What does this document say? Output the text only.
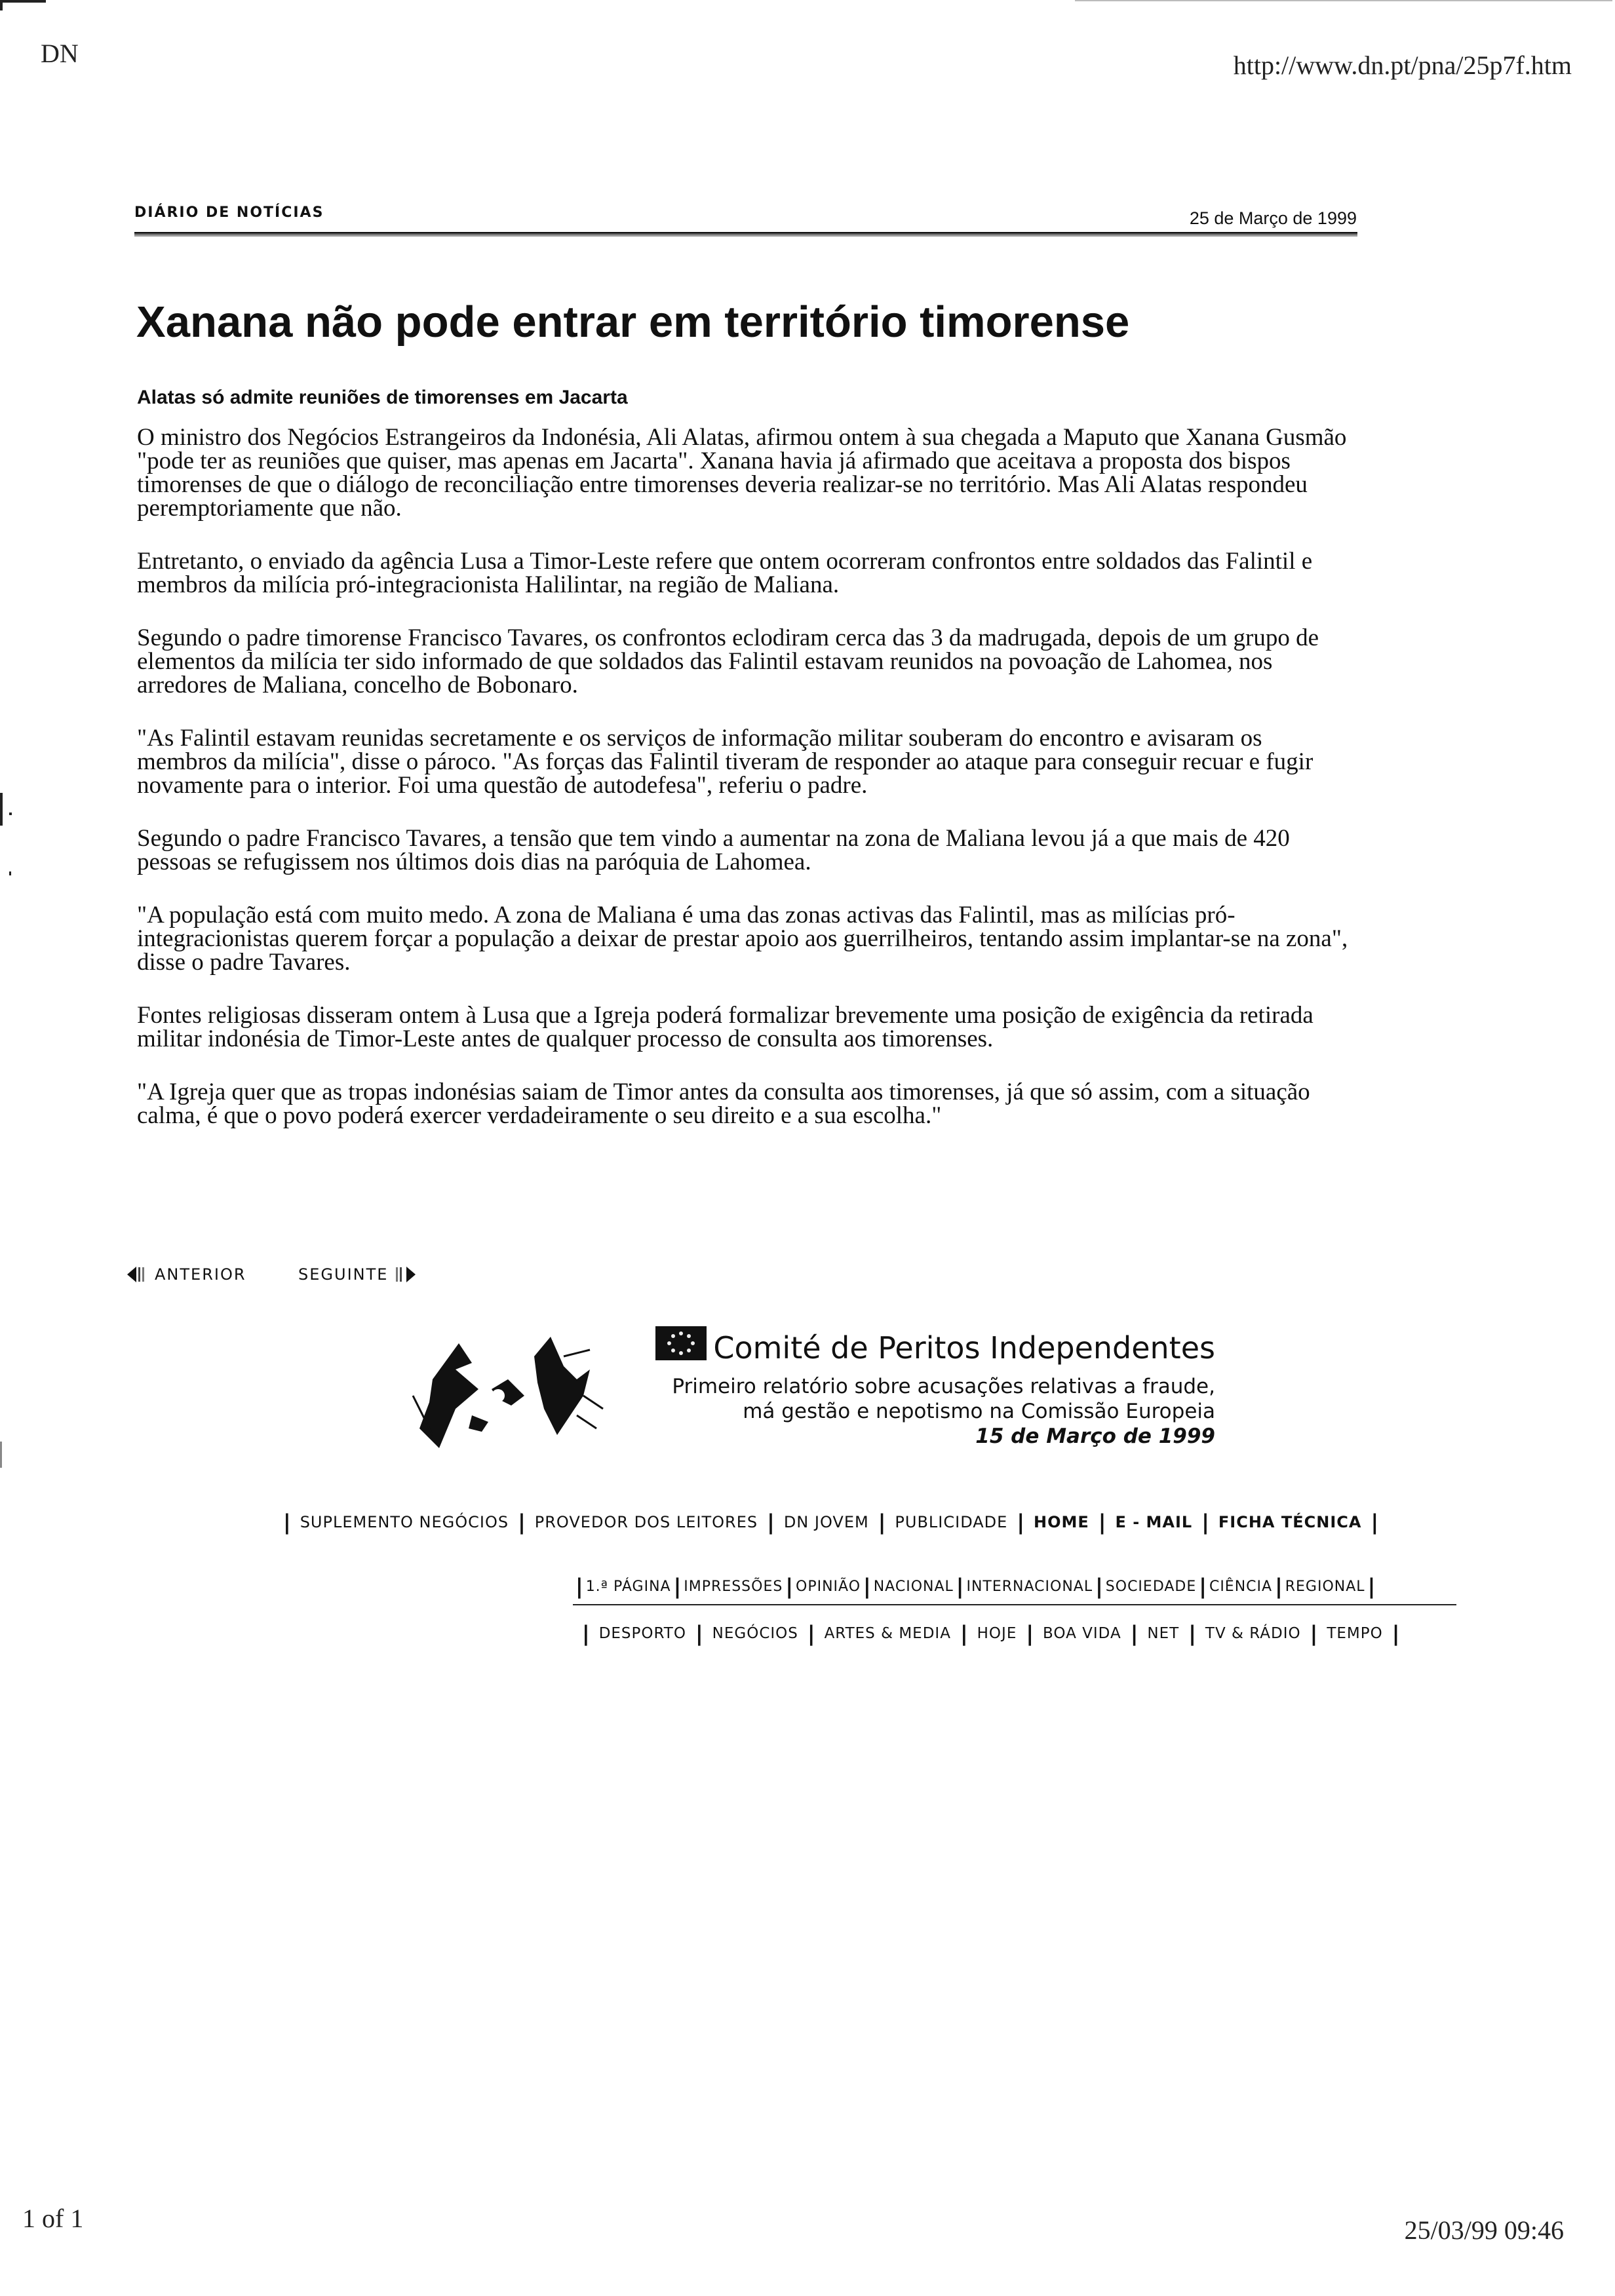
DN	http://www.dn.pt/pna/25p7f.htm
DIÁRIO DE NOTÍCIAS	25 de Março de 1999
Xanana não pode entrar em território timorense
Alatas só admite reuniões de timorenses em Jacarta

O ministro dos Negócios Estrangeiros da Indonésia, Ali Alatas, afirmou ontem à sua chegada a Maputo que Xanana Gusmão "pode ter as reuniões que quiser, mas apenas em Jacarta". Xanana havia já afirmado que aceitava a proposta dos bispos timorenses de que o diálogo de reconciliação entre timorenses deveria realizar-se no território. Mas Ali Alatas respondeu peremptoriamente que não.

Entretanto, o enviado da agência Lusa a Timor-Leste refere que ontem ocorreram confrontos entre soldados das Falintil e membros da milícia pró-integracionista Halilintar, na região de Maliana.

Segundo o padre timorense Francisco Tavares, os confrontos eclodiram cerca das 3 da madrugada, depois de um grupo de elementos da milícia ter sido informado de que soldados das Falintil estavam reunidos na povoação de Lahomea, nos arredores de Maliana, concelho de Bobonaro.

"As Falintil estavam reunidas secretamente e os serviços de informação militar souberam do encontro e avisaram os membros da milícia", disse o pároco. "As forças das Falintil tiveram de responder ao ataque para conseguir recuar e fugir novamente para o interior. Foi uma questão de autodefesa", referiu o padre.

Segundo o padre Francisco Tavares, a tensão que tem vindo a aumentar na zona de Maliana levou já a que mais de 420 pessoas se refugissem nos últimos dois dias na paróquia de Lahomea.

"A população está com muito medo. A zona de Maliana é uma das zonas activas das Falintil, mas as milícias pró-integracionistas querem forçar a população a deixar de prestar apoio aos guerrilheiros, tentando assim implantar-se na zona", disse o padre Tavares.

Fontes religiosas disseram ontem à Lusa que a Igreja poderá formalizar brevemente uma posição de exigência da retirada militar indonésia de Timor-Leste antes de qualquer processo de consulta aos timorenses.

"A Igreja quer que as tropas indonésias saiam de Timor antes da consulta aos timorenses, já que só assim, com a situação calma, é que o povo poderá exercer verdadeiramente o seu direito e a sua escolha."

ANTERIOR	SEGUINTE
Comité de Peritos Independentes
Primeiro relatório sobre acusações relativas a fraude,
má gestão e nepotismo na Comissão Europeia
15 de Março de 1999
| SUPLEMENTO NEGÓCIOS | PROVEDOR DOS LEITORES | DN JOVEM | PUBLICIDADE | HOME | E - MAIL | FICHA TÉCNICA |
| 1.ª PÁGINA | IMPRESSÕES | OPINIÃO | NACIONAL | INTERNACIONAL | SOCIEDADE | CIÊNCIA | REGIONAL |
| DESPORTO | NEGÓCIOS | ARTES & MEDIA | HOJE | BOA VIDA | NET | TV & RÁDIO | TEMPO |
1 of 1	25/03/99 09:46
